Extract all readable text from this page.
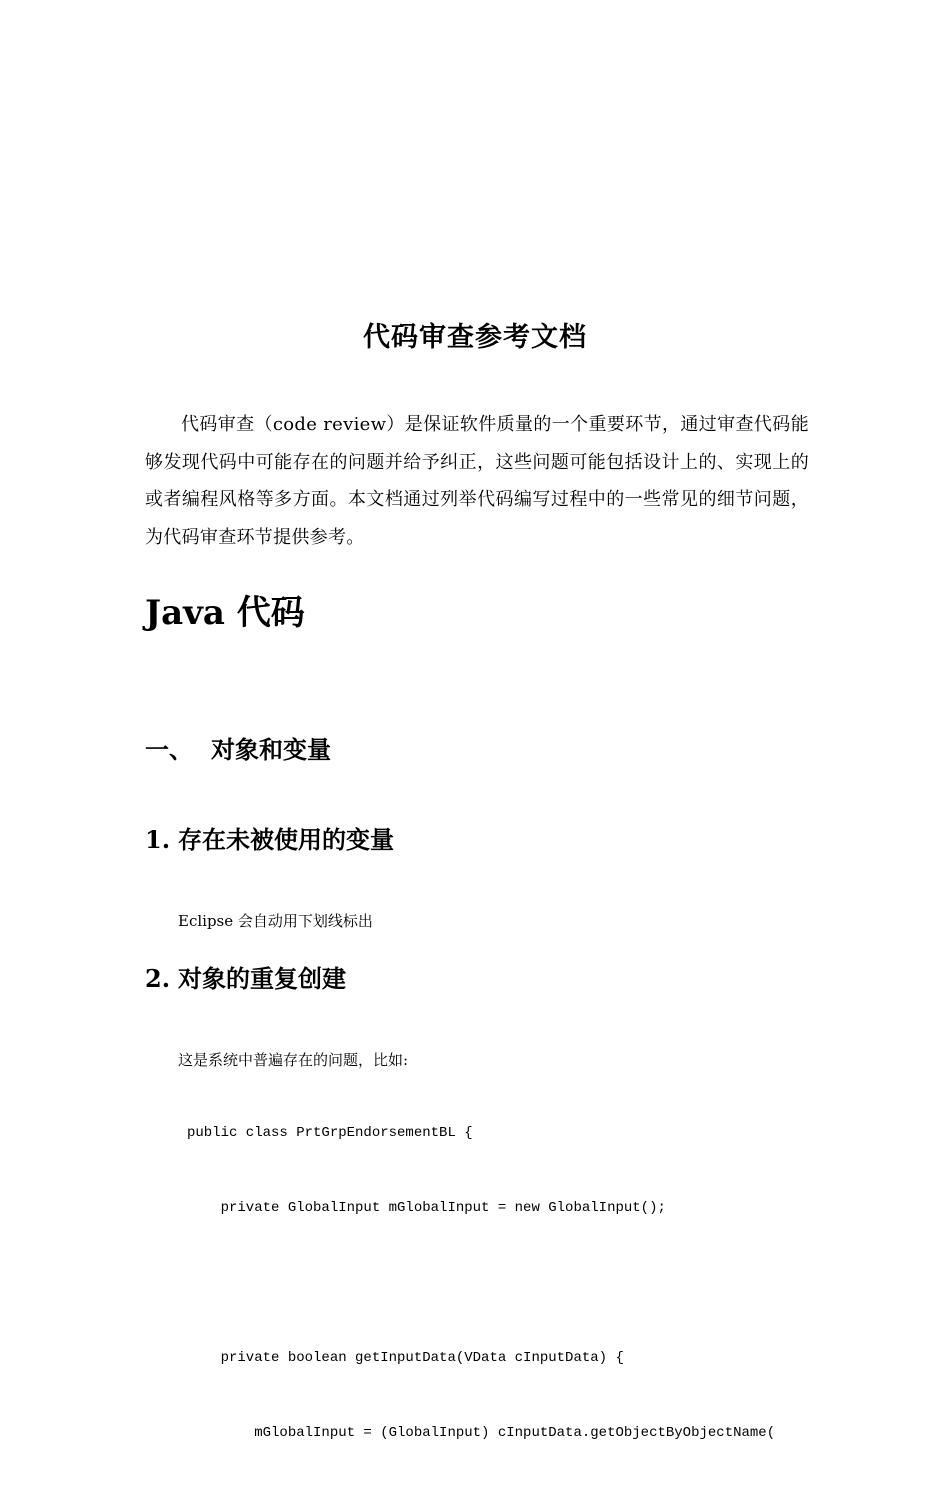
代码审查参考文档
代码审查（code review）是保证软件质量的一个重要环节，通过审查代码能够发现代码中可能存在的问题并给予纠正，这些问题可能包括设计上的、实现上的或者编程风格等多方面。本文档通过列举代码编写过程中的一些常见的细节问题，为代码审查环节提供参考。
Java 代码
一、 对象和变量
1. 存在未被使用的变量
Eclipse 会自动用下划线标出
2. 对象的重复创建
这是系统中普遍存在的问题，比如:

public class PrtGrpEndorsementBL {

private GlobalInput mGlobalInput = new GlobalInput();

private boolean getInputData(VData cInputData) {

mGlobalInput = (GlobalInput) cInputData.getObjectByObjectName(
